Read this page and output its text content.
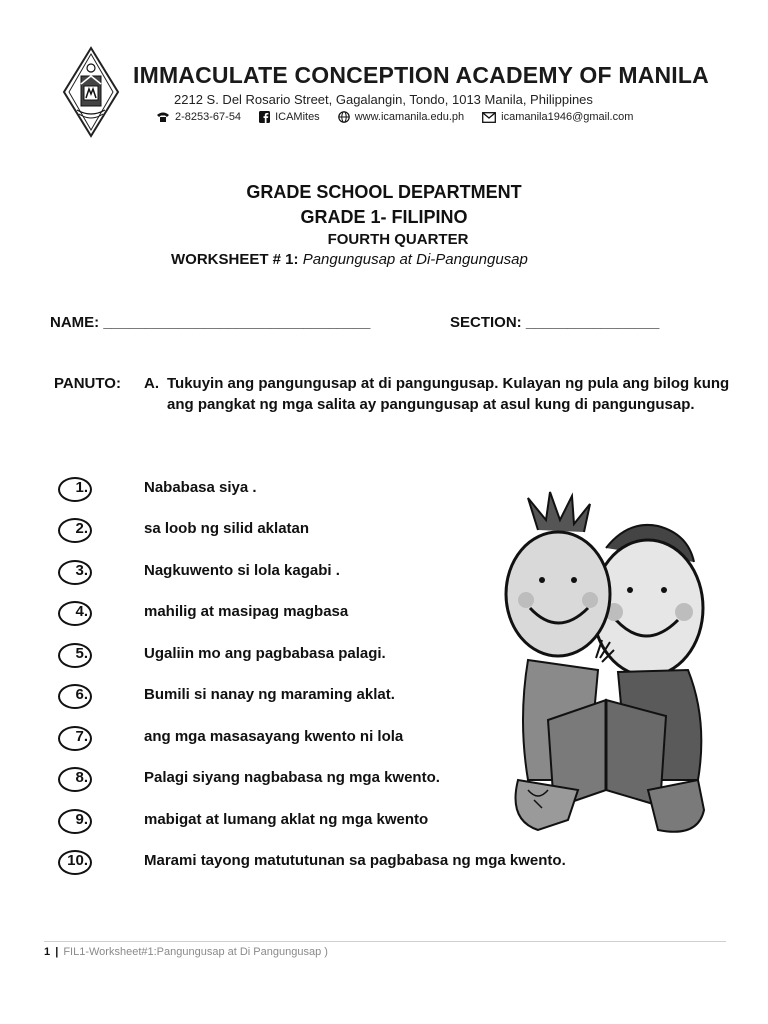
IMMACULATE CONCEPTION ACADEMY OF MANILA
2212 S. Del Rosario Street, Gagalangin, Tondo, 1013 Manila, Philippines
2-8253-67-54	ICAMites	www.icamanila.edu.ph	icamanila1946@gmail.com
GRADE SCHOOL DEPARTMENT
GRADE 1- FILIPINO
FOURTH QUARTER
WORKSHEET # 1: Pangungusap at Di-Pangungusap
NAME: ________________________________	SECTION: ________________
PANUTO: A. Tukuyin ang pangungusap at di pangungusap. Kulayan ng pula ang bilog kung ang pangkat ng mga salita ay pangungusap at asul kung di pangungusap.
1.	Nababasa siya .
2.	sa loob ng silid aklatan
3.	Nagkuwento si lola kagabi .
4.	mahilig at masipag magbasa
5.	Ugaliin mo ang pagbabasa palagi.
6.	Bumili si nanay ng maraming aklat.
7.	ang mga masasayang kwento ni lola
8.	Palagi siyang nagbabasa ng mga kwento.
9.	mabigat at lumang aklat ng mga kwento
10.	Marami tayong matututunan sa pagbabasa ng mga kwento.
1 | FIL1-Worksheet#1:Pangungusap at Di Pangungusap )
